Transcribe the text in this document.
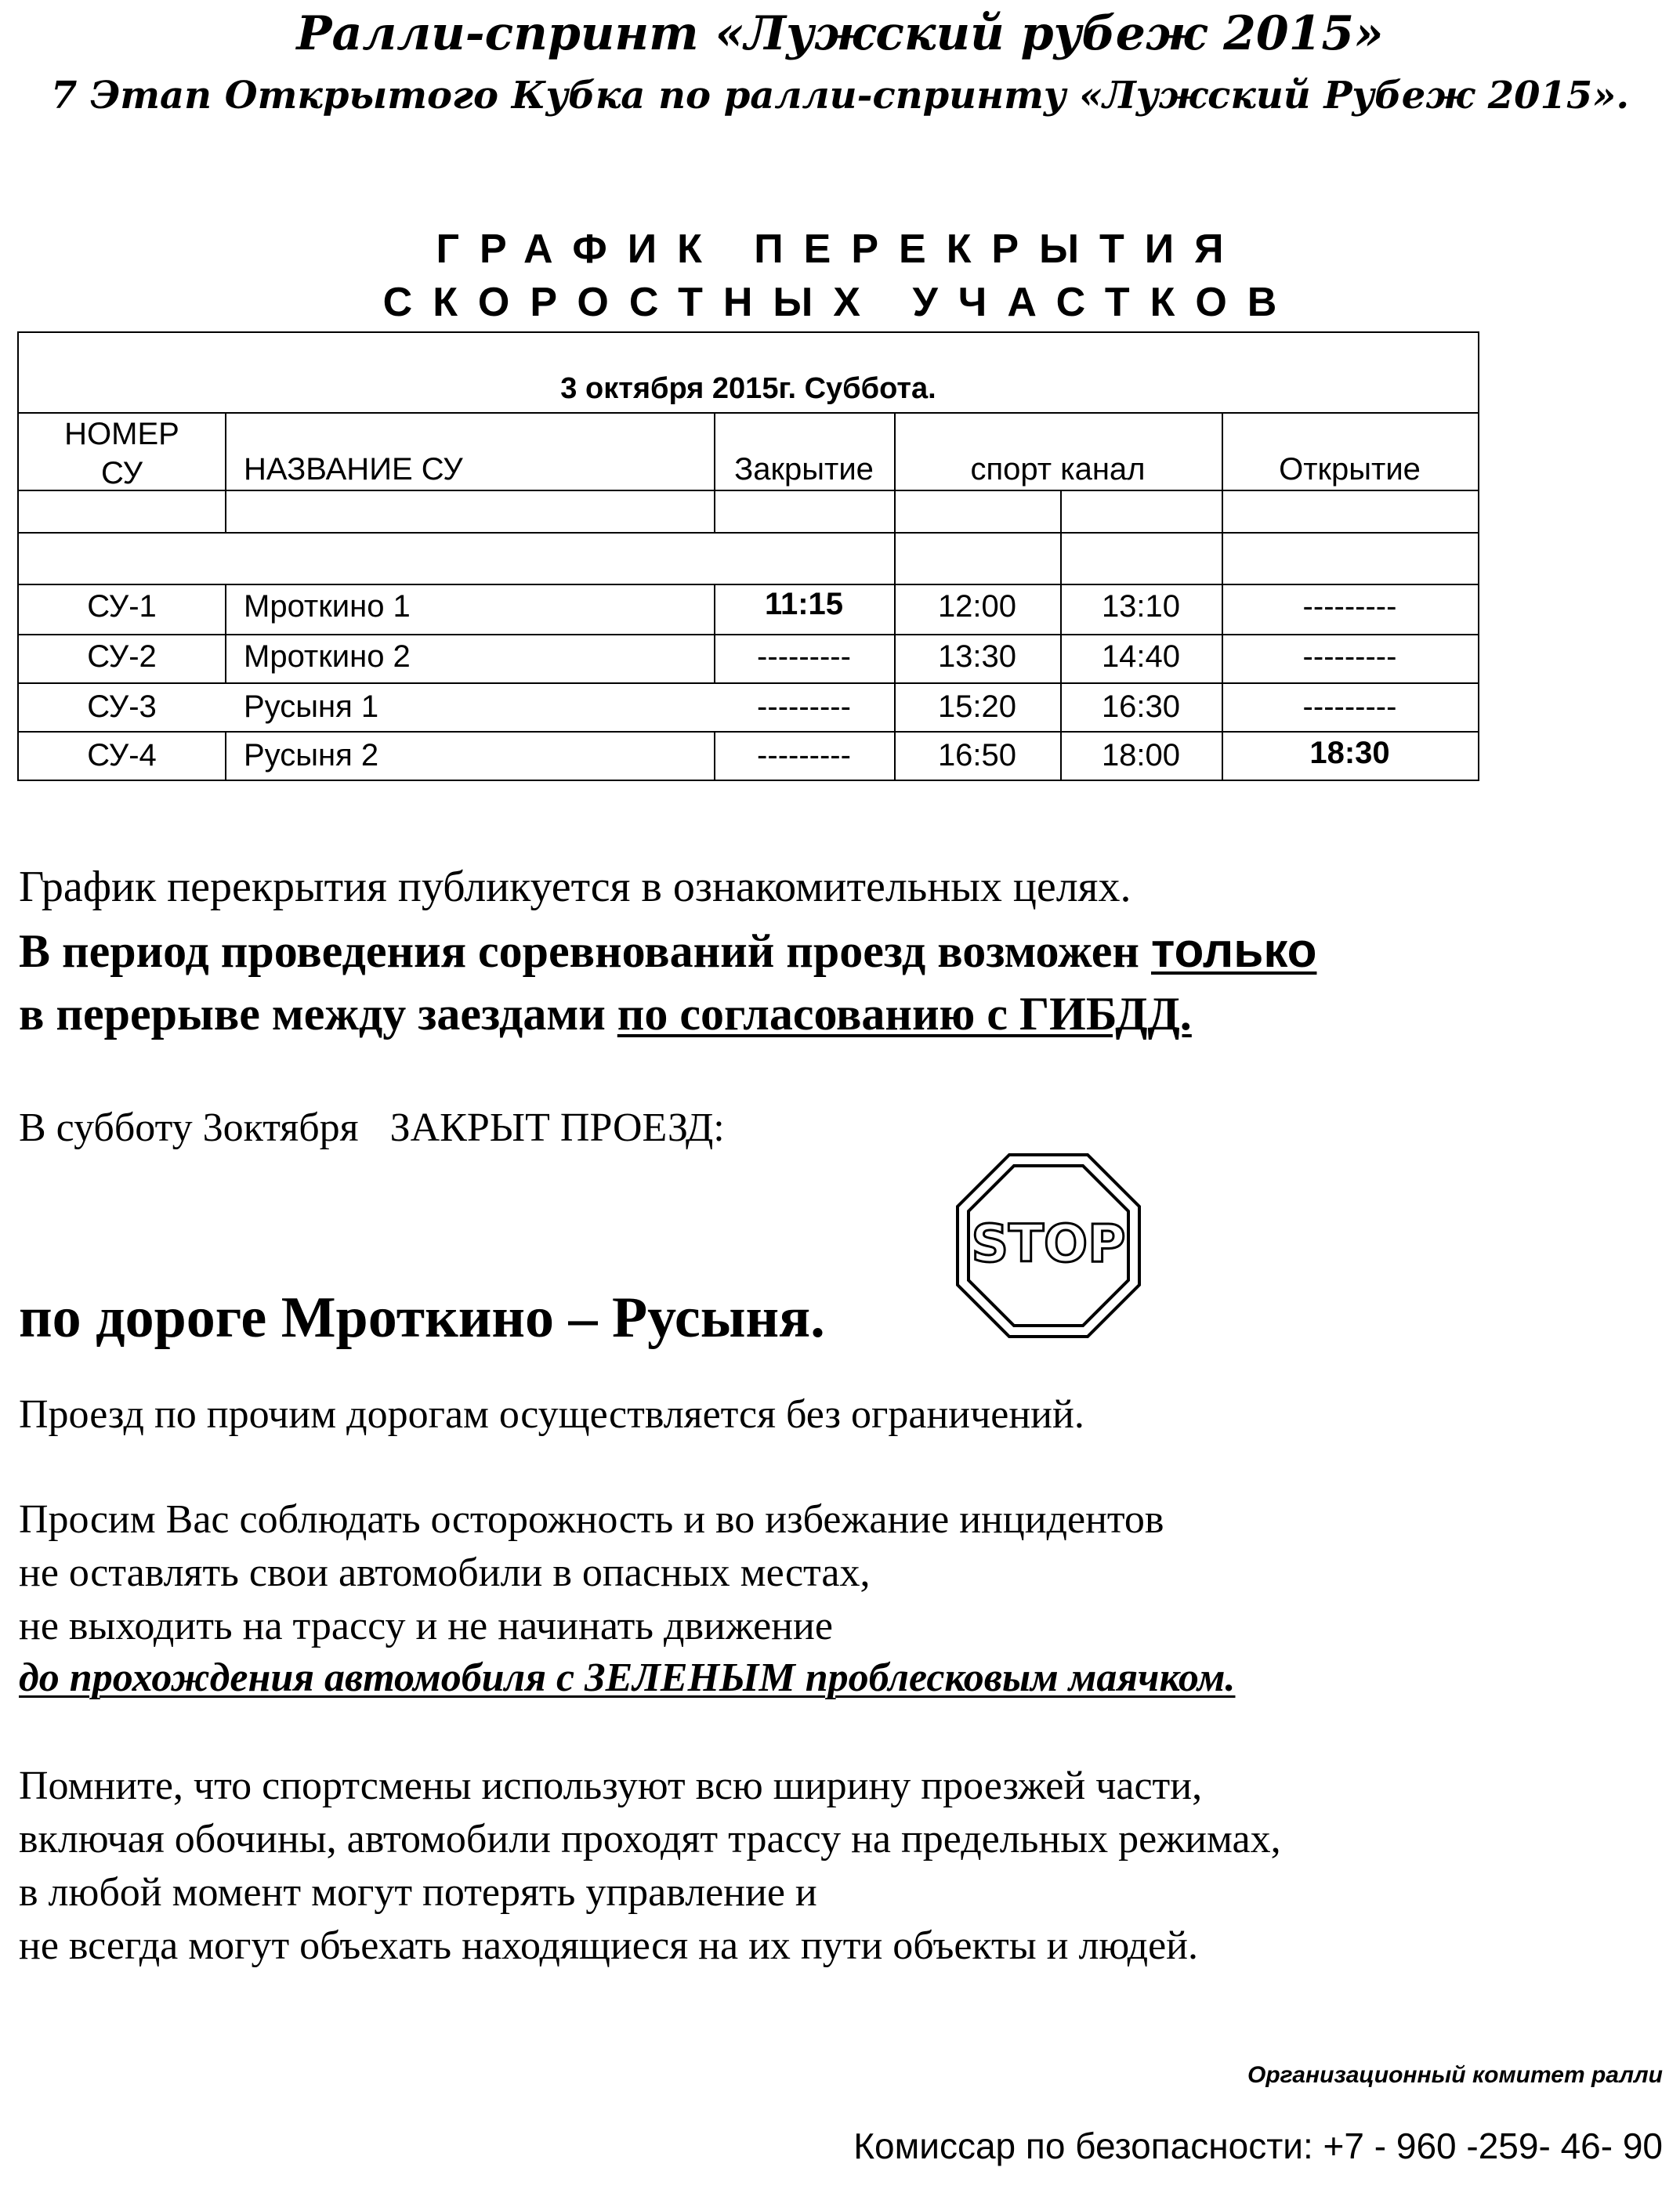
Ралли-спринт «Лужский рубеж 2015»
7 Этап Открытого Кубка по ралли-спринту «Лужский Рубеж 2015».
ГРАФИК ПЕРЕКРЫТИЯ
СКОРОСТНЫХ УЧАСТКОВ
3 октября 2015г. Суббота.
НОМЕР
СУ	НАЗВАНИЕ СУ	Закрытие	спорт канал	Открытие
СУ-1	Мроткино 1	11:15	12:00	13:10	---------
СУ-2	Мроткино 2	---------	13:30	14:40	---------
СУ-3	Русыня 1	---------	15:20	16:30	---------
СУ-4	Русыня 2	---------	16:50	18:00	18:30
График перекрытия публикуется в ознакомительных целях.
В период проведения соревнований проезд возможен только
в перерыве между заездами по согласованию с ГИБДД.
В субботу 3октября ЗАКРЫТ ПРОЕЗД:
по дороге Мроткино – Русыня.
STOP
Проезд по прочим дорогам осуществляется без ограничений.
Просим Вас соблюдать осторожность и во избежание инцидентов
не оставлять свои автомобили в опасных местах,
не выходить на трассу и не начинать движение
до прохождения автомобиля с ЗЕЛЕНЫМ проблесковым маячком.
Помните, что спортсмены используют всю ширину проезжей части,
включая обочины, автомобили проходят трассу на предельных режимах,
в любой момент могут потерять управление и
не всегда могут объехать находящиеся на их пути объекты и людей.
Организационный комитет ралли
Комиссар по безопасности: +7 - 960 -259- 46- 90
